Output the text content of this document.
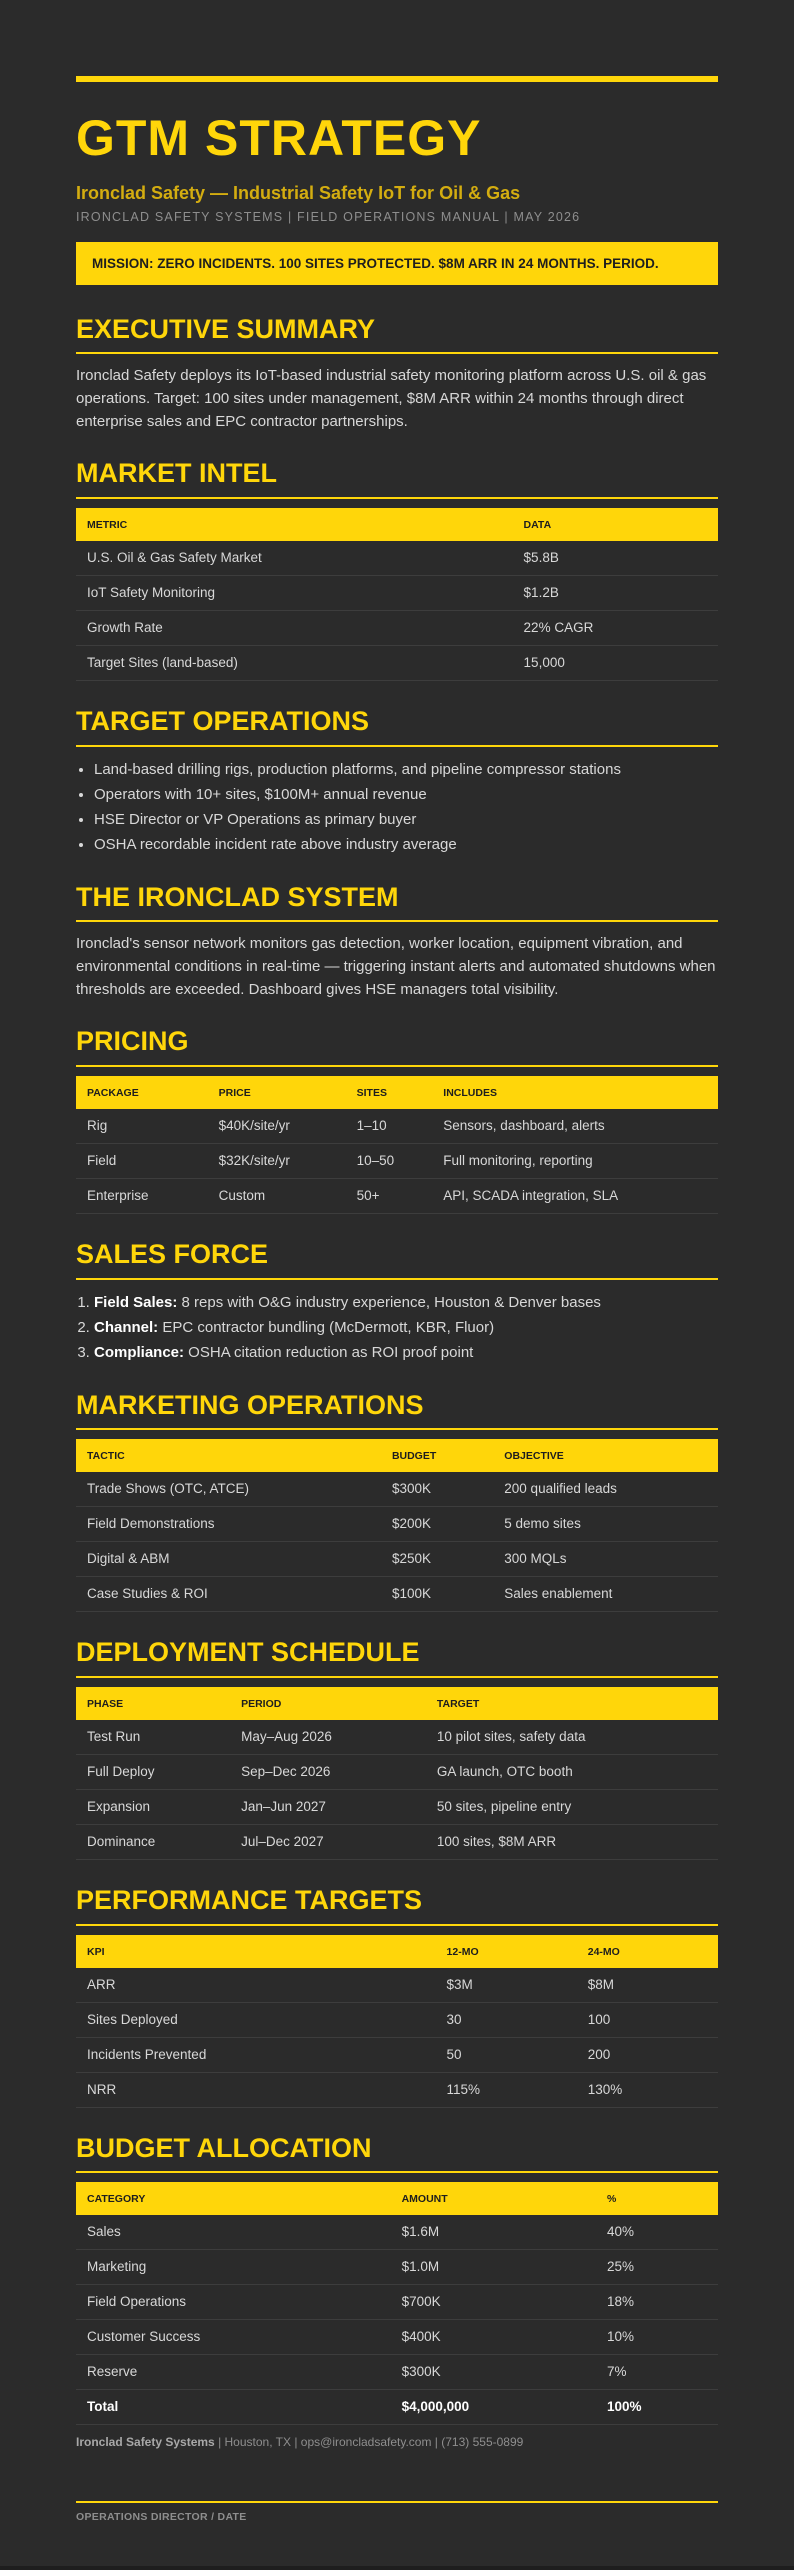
GTM STRATEGY
Ironclad Safety — Industrial Safety IoT for Oil & Gas
IRONCLAD SAFETY SYSTEMS | FIELD OPERATIONS MANUAL | MAY 2026
MISSION: ZERO INCIDENTS. 100 SITES PROTECTED. $8M ARR IN 24 MONTHS. PERIOD.
EXECUTIVE SUMMARY

Ironclad Safety deploys its IoT-based industrial safety monitoring platform across U.S. oil & gas operations. Target: 100 sites under management, $8M ARR within 24 months through direct enterprise sales and EPC contractor partnerships.

MARKET INTEL
METRIC	DATA
U.S. Oil & Gas Safety Market	$5.8B
IoT Safety Monitoring	$1.2B
Growth Rate	22% CAGR
Target Sites (land-based)	15,000
TARGET OPERATIONS
• Land-based drilling rigs, production platforms, and pipeline compressor stations
• Operators with 10+ sites, $100M+ annual revenue
• HSE Director or VP Operations as primary buyer
• OSHA recordable incident rate above industry average
THE IRONCLAD SYSTEM

Ironclad's sensor network monitors gas detection, worker location, equipment vibration, and environmental conditions in real-time — triggering instant alerts and automated shutdowns when thresholds are exceeded. Dashboard gives HSE managers total visibility.

PRICING
PACKAGE	PRICE	SITES	INCLUDES
Rig	$40K/site/yr	1–10	Sensors, dashboard, alerts
Field	$32K/site/yr	10–50	Full monitoring, reporting
Enterprise	Custom	50+	API, SCADA integration, SLA
SALES FORCE
1. Field Sales: 8 reps with O&G industry experience, Houston & Denver bases
2. Channel: EPC contractor bundling (McDermott, KBR, Fluor)
3. Compliance: OSHA citation reduction as ROI proof point
MARKETING OPERATIONS
TACTIC	BUDGET	OBJECTIVE
Trade Shows (OTC, ATCE)	$300K	200 qualified leads
Field Demonstrations	$200K	5 demo sites
Digital & ABM	$250K	300 MQLs
Case Studies & ROI	$100K	Sales enablement
DEPLOYMENT SCHEDULE
PHASE	PERIOD	TARGET
Test Run	May–Aug 2026	10 pilot sites, safety data
Full Deploy	Sep–Dec 2026	GA launch, OTC booth
Expansion	Jan–Jun 2027	50 sites, pipeline entry
Dominance	Jul–Dec 2027	100 sites, $8M ARR
PERFORMANCE TARGETS
KPI	12-MO	24-MO
ARR	$3M	$8M
Sites Deployed	30	100
Incidents Prevented	50	200
NRR	115%	130%
BUDGET ALLOCATION
CATEGORY	AMOUNT	%
Sales	$1.6M	40%
Marketing	$1.0M	25%
Field Operations	$700K	18%
Customer Success	$400K	10%
Reserve	$300K	7%
Total	$4,000,000	100%
Ironclad Safety Systems | Houston, TX | ops@ironcladsafety.com | (713) 555-0899
OPERATIONS DIRECTOR / DATE
